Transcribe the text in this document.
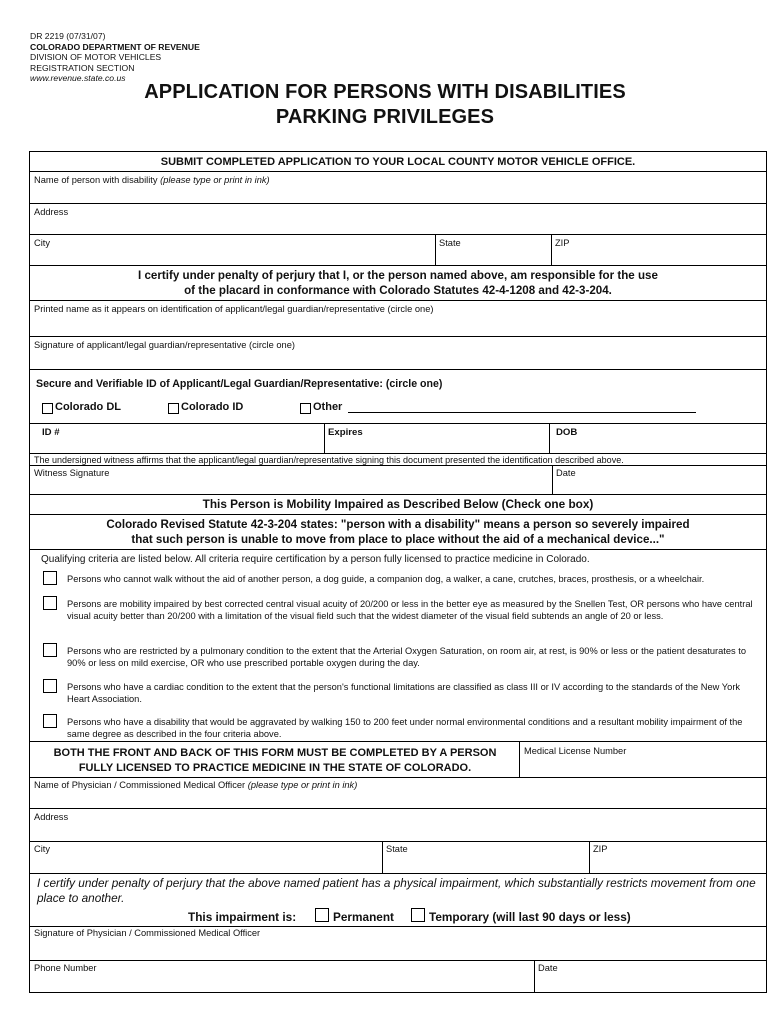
DR 2219 (07/31/07)
COLORADO DEPARTMENT OF REVENUE
DIVISION OF MOTOR VEHICLES
REGISTRATION SECTION
www.revenue.state.co.us
APPLICATION FOR PERSONS WITH DISABILITIES
PARKING PRIVILEGES
SUBMIT COMPLETED APPLICATION TO YOUR LOCAL COUNTY MOTOR VEHICLE OFFICE.
Name of person with disability (please type or print in ink)
Address
City	State	ZIP
I certify under penalty of perjury that I, or the person named above, am responsible for the use
of the placard in conformance with Colorado Statutes 42-4-1208 and 42-3-204.
Printed name as it appears on identification of applicant/legal guardian/representative (circle one)
Signature of applicant/legal guardian/representative (circle one)
Secure and Verifiable ID of Applicant/Legal Guardian/Representative: (circle one)
Colorado DL	Colorado ID	Other
ID #	Expires	DOB
The undersigned witness affirms that the applicant/legal guardian/representative signing this document presented the identification described above.
Witness Signature	Date
This Person is Mobility Impaired as Described Below (Check one box)
Colorado Revised Statute 42-3-204 states: "person with a disability" means a person so severely impaired
that such person is unable to move from place to place without the aid of a mechanical device..."
Qualifying criteria are listed below. All criteria require certification by a person fully licensed to practice medicine in Colorado.
Persons who cannot walk without the aid of another person, a dog guide, a companion dog, a walker, a cane, crutches, braces, prosthesis, or a wheelchair.
Persons are mobility impaired by best corrected central visual acuity of 20/200 or less in the better eye as measured by the Snellen Test, OR persons who have central visual acuity better than 20/200 with a limitation of the visual field such that the widest diameter of the visual field subtends an angle of 20 or less.
Persons who are restricted by a pulmonary condition to the extent that the Arterial Oxygen Saturation, on room air, at rest, is 90% or less or the patient desaturates to 90% or less on mild exercise, OR who use prescribed portable oxygen during the day.
Persons who have a cardiac condition to the extent that the person's functional limitations are classified as class III or IV according to the standards of the New York Heart Association.
Persons who have a disability that would be aggravated by walking 150 to 200 feet under normal environmental conditions and a resultant mobility impairment of the same degree as described in the four criteria above.
BOTH THE FRONT AND BACK OF THIS FORM MUST BE COMPLETED BY A PERSON
FULLY LICENSED TO PRACTICE MEDICINE IN THE STATE OF COLORADO.
Medical License Number
Name of Physician / Commissioned Medical Officer (please type or print in ink)
Address
City	State	ZIP
I certify under penalty of perjury that the above named patient has a physical impairment, which substantially restricts movement from one place to another.
This impairment is:	Permanent	Temporary (will last 90 days or less)
Signature of Physician / Commissioned Medical Officer
Phone Number	Date
